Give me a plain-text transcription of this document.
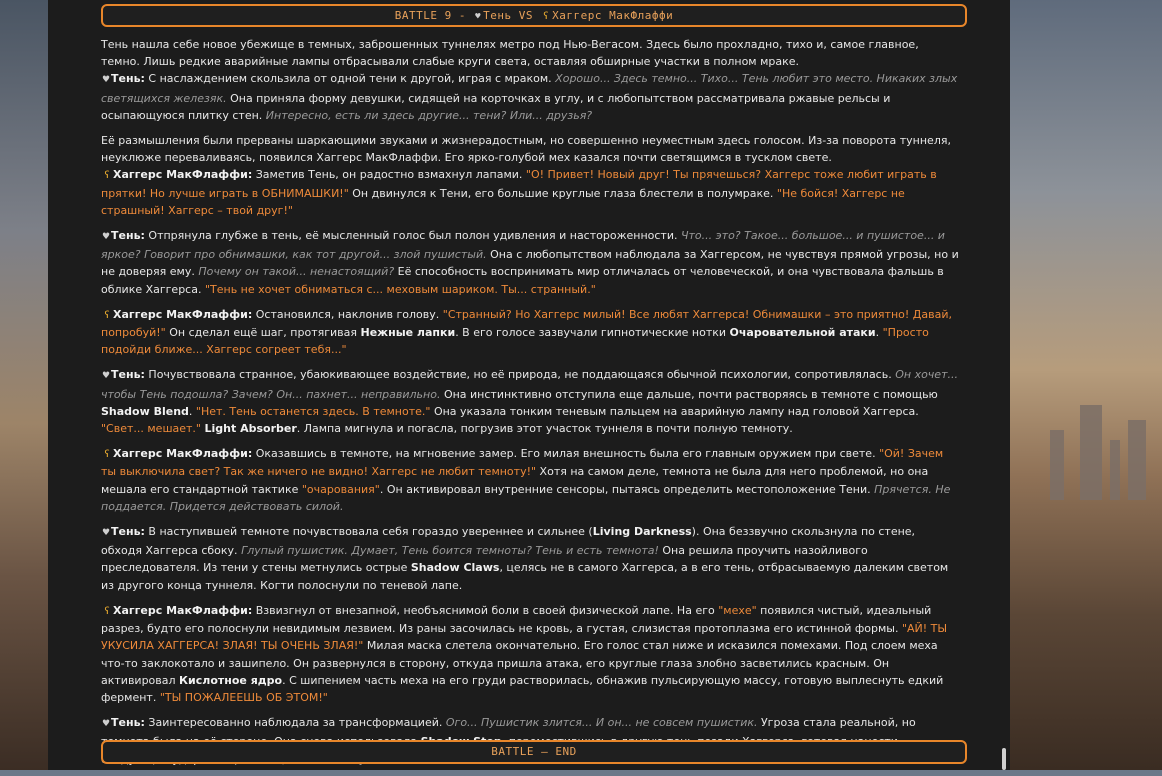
BATTLE 9 - ♥ Тень VS ʕ Хаггерс МакФлаффи

Тень нашла себе новое убежище в темных, заброшенных туннелях метро под Нью-Вегасом. Здесь было прохладно, тихо и, самое главное, темно. Лишь редкие аварийные лампы отбрасывали слабые круги света, оставляя обширные участки в полном мраке.
♥Тень: С наслаждением скользила от одной тени к другой, играя с мраком. Хорошо... Здесь темно... Тихо... Тень любит это место. Никаких злых светящихся железяк. Она приняла форму девушки, сидящей на корточках в углу, и с любопытством рассматривала ржавые рельсы и осыпающуюся плитку стен. Интересно, есть ли здесь другие... тени? Или... друзья?

Её размышления были прерваны шаркающими звуками и жизнерадостным, но совершенно неуместным здесь голосом. Из-за поворота туннеля, неуклюже переваливаясь, появился Хаггерс МакФлаффи. Его ярко-голубой мех казался почти светящимся в тусклом свете.
ʕ Хаггерс МакФлаффи: Заметив Тень, он радостно взмахнул лапами. "О! Привет! Новый друг! Ты прячешься? Хаггерс тоже любит играть в прятки! Но лучше играть в ОБНИМАШКИ!" Он двинулся к Тени, его большие круглые глаза блестели в полумраке. "Не бойся! Хаггерс не страшный! Хаггерс – твой друг!"

♥Тень: Отпрянула глубже в тень, её мысленный голос был полон удивления и настороженности. Что... это? Такое... большое... и пушистое... и яркое? Говорит про обнимашки, как тот другой... злой пушистый. Она с любопытством наблюдала за Хаггерсом, не чувствуя прямой угрозы, но и не доверяя ему. Почему он такой... ненастоящий? Её способность воспринимать мир отличалась от человеческой, и она чувствовала фальшь в облике Хаггерса. "Тень не хочет обниматься с... меховым шариком. Ты... странный."

ʕ Хаггерс МакФлаффи: Остановился, наклонив голову. "Странный? Но Хаггерс милый! Все любят Хаггерса! Обнимашки – это приятно! Давай, попробуй!" Он сделал ещё шаг, протягивая Нежные лапки. В его голосе зазвучали гипнотические нотки Очаровательной атаки. "Просто подойди ближе... Хаггерс согреет тебя..."

♥Тень: Почувствовала странное, убаюкивающее воздействие, но её природа, не поддающаяся обычной психологии, сопротивлялась. Он хочет... чтобы Тень подошла? Зачем? Он... пахнет... неправильно. Она инстинктивно отступила еще дальше, почти растворяясь в темноте с помощью Shadow Blend. "Нет. Тень останется здесь. В темноте." Она указала тонким теневым пальцем на аварийную лампу над головой Хаггерса. "Свет... мешает." Light Absorber. Лампа мигнула и погасла, погрузив этот участок туннеля в почти полную темноту.

ʕ Хаггерс МакФлаффи: Оказавшись в темноте, на мгновение замер. Его милая внешность была его главным оружием при свете. "Ой! Зачем ты выключила свет? Так же ничего не видно! Хаггерс не любит темноту!" Хотя на самом деле, темнота не была для него проблемой, но она мешала его стандартной тактике "очарования". Он активировал внутренние сенсоры, пытаясь определить местоположение Тени. Прячется. Не поддается. Придется действовать силой.

♥Тень: В наступившей темноте почувствовала себя гораздо увереннее и сильнее (Living Darkness). Она беззвучно скользнула по стене, обходя Хаггерса сбоку. Глупый пушистик. Думает, Тень боится темноты? Тень и есть темнота! Она решила проучить назойливого преследователя. Из тени у стены метнулись острые Shadow Claws, целясь не в самого Хаггерса, а в его тень, отбрасываемую далеким светом из другого конца туннеля. Когти полоснули по теневой лапе.

ʕ Хаггерс МакФлаффи: Взвизгнул от внезапной, необъяснимой боли в своей физической лапе. На его "мехе" появился чистый, идеальный разрез, будто его полоснули невидимым лезвием. Из раны засочилась не кровь, а густая, слизистая протоплазма его истинной формы. "АЙ! ТЫ УКУСИЛА ХАГГЕРСА! ЗЛАЯ! ТЫ ОЧЕНЬ ЗЛАЯ!" Милая маска слетела окончательно. Его голос стал ниже и исказился помехами. Под слоем меха что-то заклокотало и зашипело. Он развернулся в сторону, откуда пришла атака, его круглые глаза злобно засветились красным. Он активировал Кислотное ядро. С шипением часть меха на его груди растворилась, обнажив пульсирующую массу, готовую выплеснуть едкий фермент. "ТЫ ПОЖАЛЕЕШЬ ОБ ЭТОМ!"

♥Тень: Заинтересованно наблюдала за трансформацией. Ого... Пушистик злится... И он... не совсем пушистик. Угроза стала реальной, но

BATTLE – END
